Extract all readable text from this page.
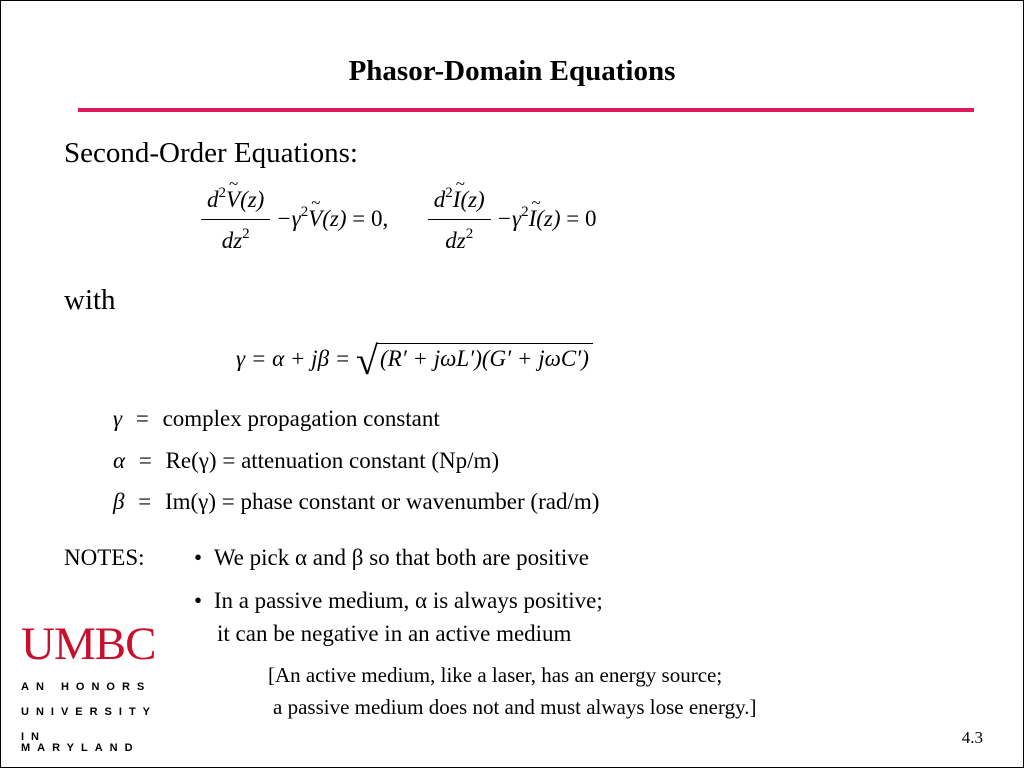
Phasor-Domain Equations
Second-Order Equations:
$\frac{d^2\sim V(z)}{dz^2}$ $-\gamma^2\sim$ V(z) = 0, $\frac{d^2\sim I(z)}{dz^2}$ $-\gamma^2\sim$ I(z) = 0
with
γ = α + jβ = √(R′ + jωL′)(G′ + jωC′)
γ = complex propagation constant
α = Re(γ) = attenuation constant (Np/m)
β = Im(γ) = phase constant or wavenumber (rad/m)
NOTES: • We pick α and β so that both are positive
• In a passive medium, α is always positive;
it can be negative in an active medium
[An active medium, like a laser, has an energy source;
a passive medium does not and must always lose energy.]
UMBC
AN HONORS
UNIVERSITY
IN MARYLAND
4.3
